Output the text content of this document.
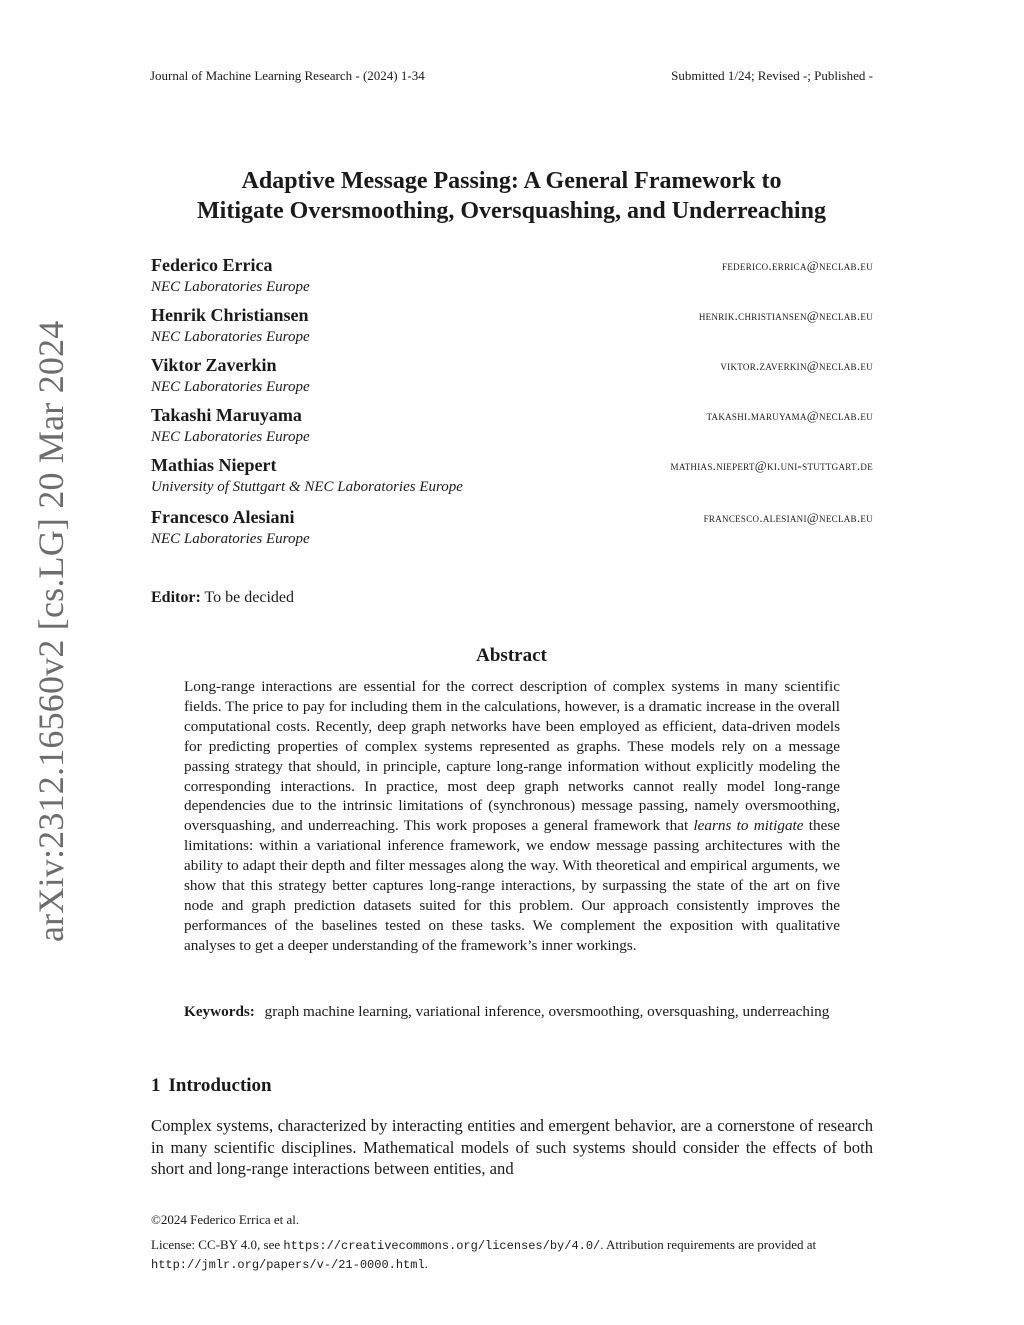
Journal of Machine Learning Research - (2024) 1-34	Submitted 1/24; Revised -; Published -
arXiv:2312.16560v2 [cs.LG] 20 Mar 2024
Adaptive Message Passing: A General Framework to
Mitigate Oversmoothing, Oversquashing, and Underreaching
Federico Errica	federico.errica@neclab.eu
NEC Laboratories Europe
Henrik Christiansen	henrik.christiansen@neclab.eu
NEC Laboratories Europe
Viktor Zaverkin	viktor.zaverkin@neclab.eu
NEC Laboratories Europe
Takashi Maruyama	takashi.maruyama@neclab.eu
NEC Laboratories Europe
Mathias Niepert	mathias.niepert@ki.uni-stuttgart.de
University of Stuttgart & NEC Laboratories Europe
Francesco Alesiani	francesco.alesiani@neclab.eu
NEC Laboratories Europe
Editor: To be decided
Abstract
Long-range interactions are essential for the correct description of complex systems in many scientific fields. The price to pay for including them in the calculations, however, is a dramatic increase in the overall computational costs. Recently, deep graph networks have been employed as efficient, data-driven models for predicting properties of complex systems represented as graphs. These models rely on a message passing strategy that should, in principle, capture long-range information without explicitly modeling the corresponding interactions. In practice, most deep graph networks cannot really model long-range dependencies due to the intrinsic limitations of (synchronous) message passing, namely oversmoothing, oversquashing, and underreaching. This work proposes a general framework that learns to mitigate these limitations: within a variational inference framework, we endow message passing architectures with the ability to adapt their depth and filter messages along the way. With theoretical and empirical arguments, we show that this strategy better captures long-range interactions, by surpassing the state of the art on five node and graph prediction datasets suited for this problem. Our approach consistently improves the performances of the baselines tested on these tasks. We complement the exposition with qualitative analyses to get a deeper understanding of the framework’s inner workings.
Keywords: graph machine learning, variational inference, oversmoothing, oversquashing, underreaching
1 Introduction
Complex systems, characterized by interacting entities and emergent behavior, are a cornerstone of research in many scientific disciplines. Mathematical models of such systems should consider the effects of both short and long-range interactions between entities, and
©2024 Federico Errica et al.
License: CC-BY 4.0, see https://creativecommons.org/licenses/by/4.0/. Attribution requirements are provided at http://jmlr.org/papers/v-/21-0000.html.
